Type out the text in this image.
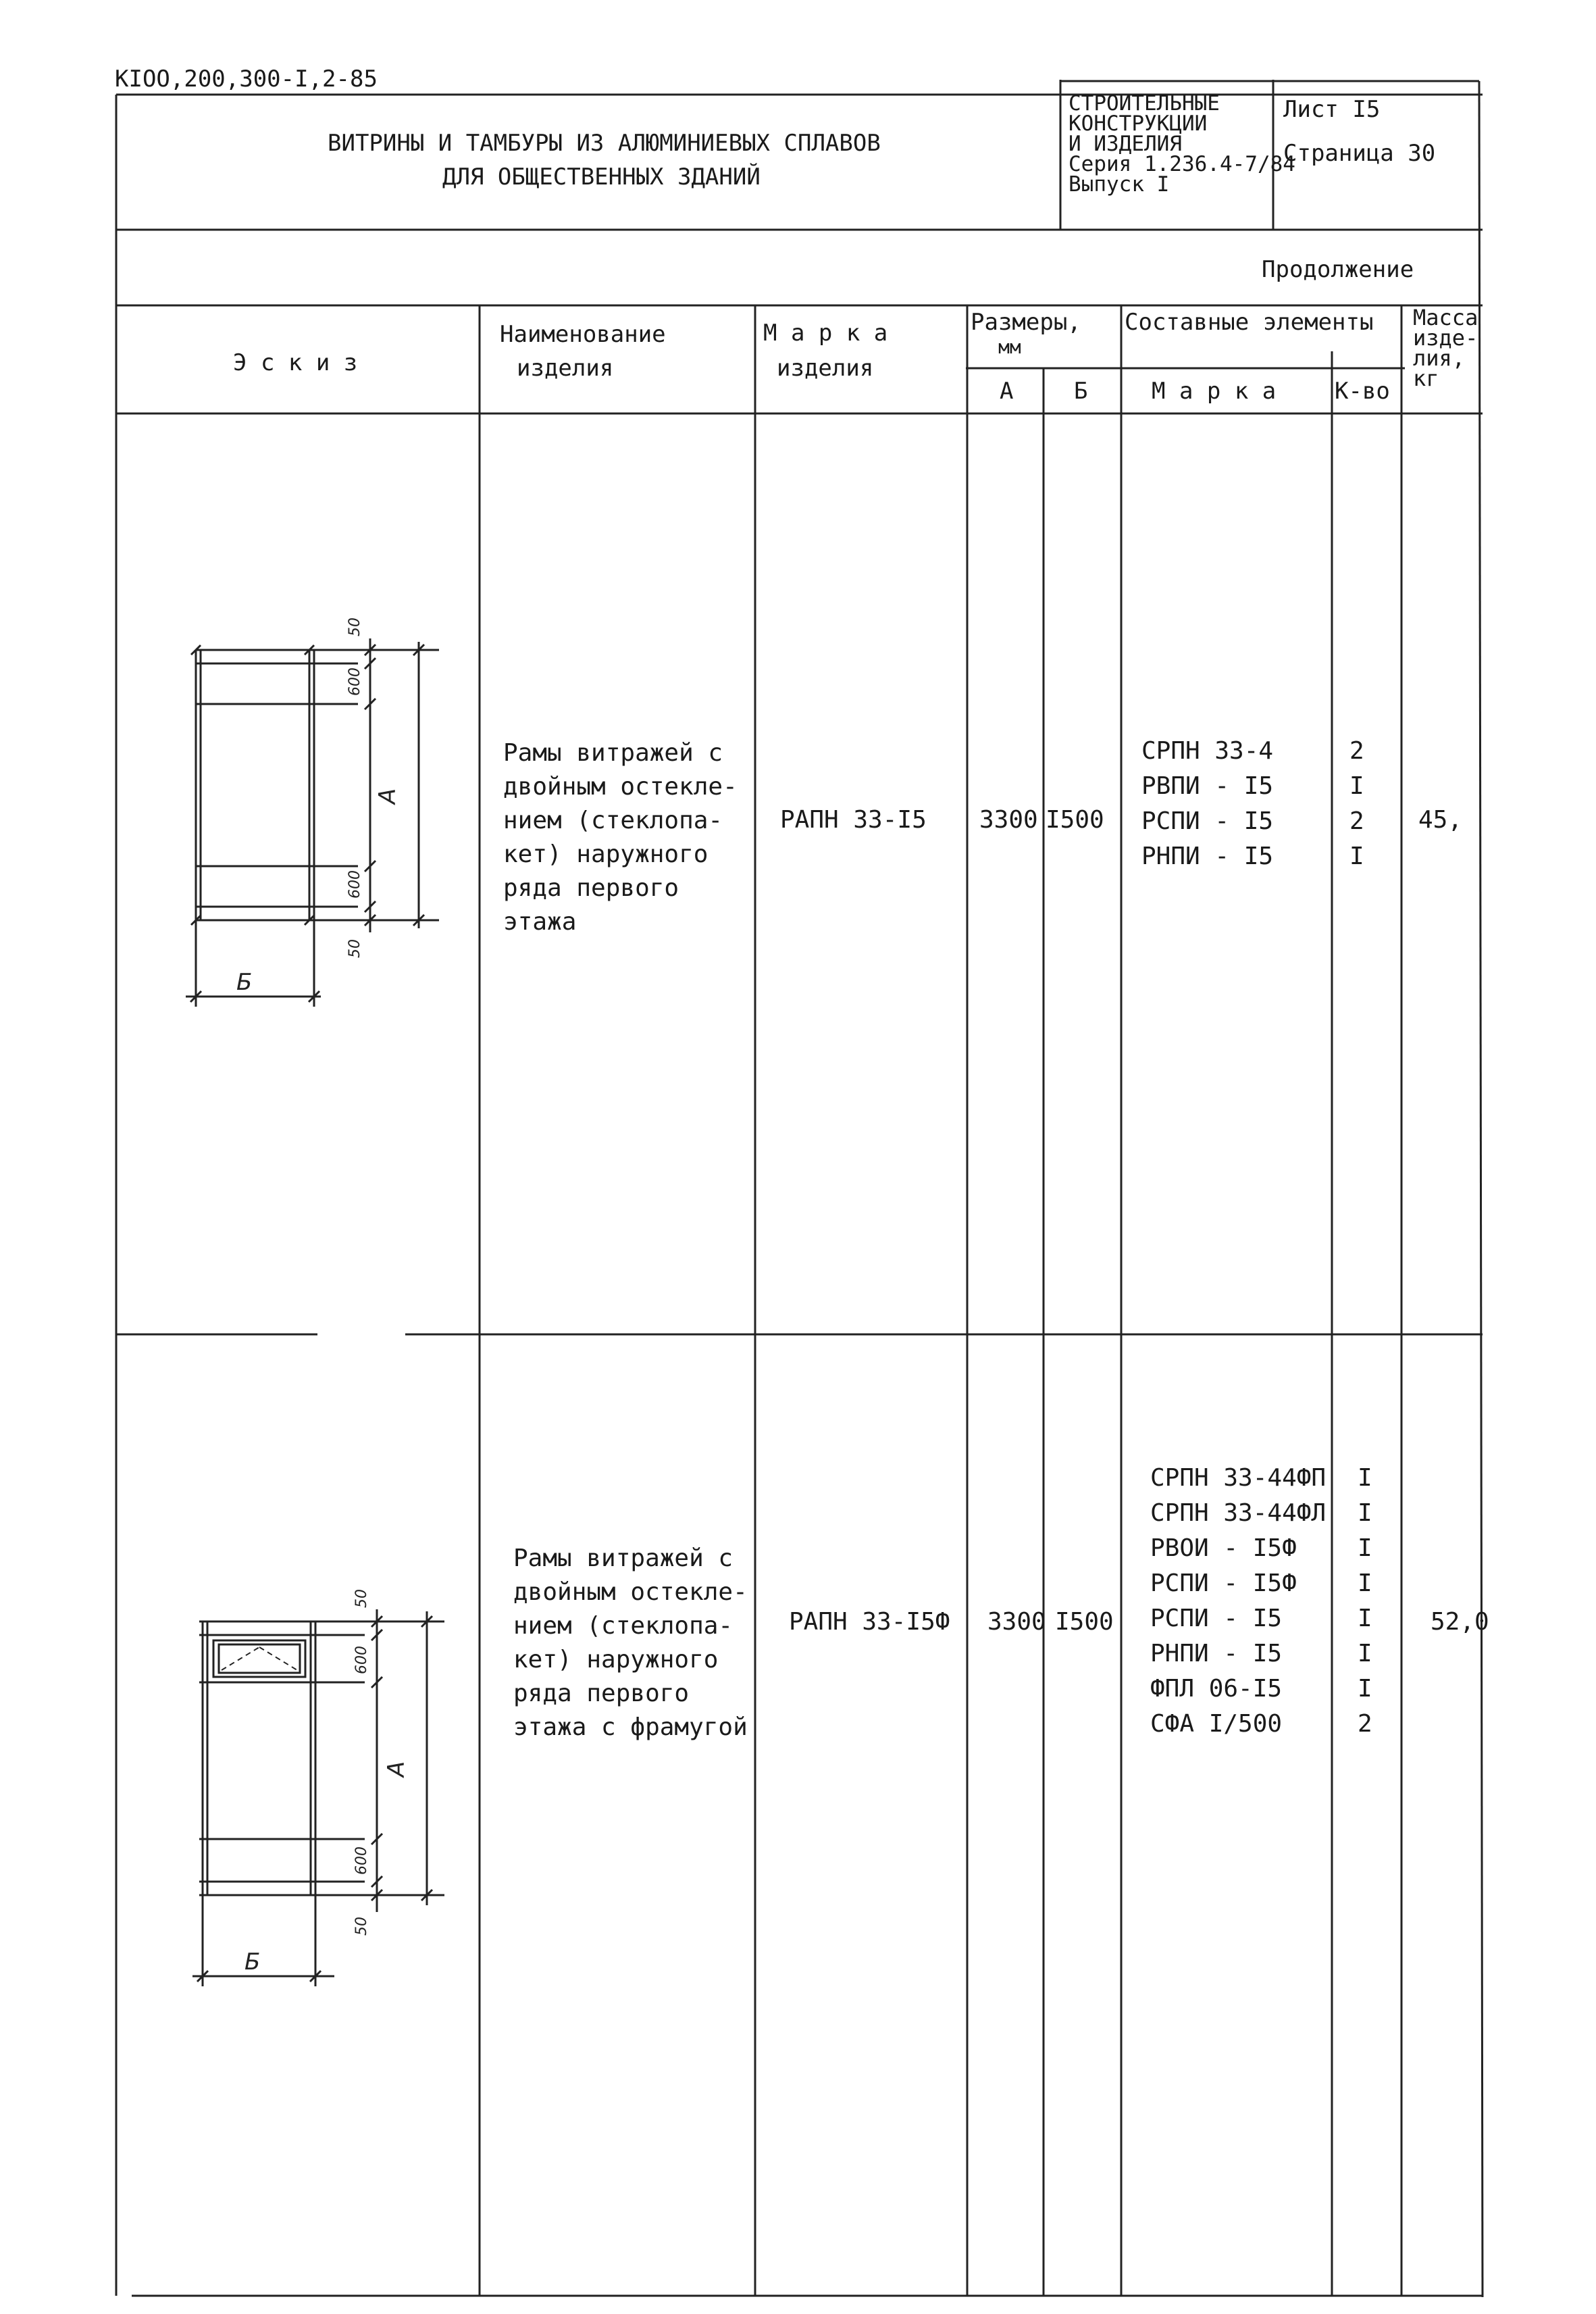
КIOO,200,300-I,2-85
ВИТРИНЫ И ТАМБУРЫ ИЗ АЛЮМИНИЕВЫХ СПЛАВОВ
ДЛЯ ОБЩЕСТВЕННЫХ ЗДАНИЙ
СТРОИТЕЛЬНЫЕ
КОНСТРУКЦИИ
И ИЗДЕЛИЯ
Серия 1.236.4-7/84
Выпуск I
Лист I5
Страница 30
Продолжение
Э с к и з
Наименование
изделия
М а р к а
изделия
Размеры,
мм
А	Б
Составные элементы
М а р к а	К-во
Масса
изде-
лия,
кг
Рамы витражей с
двойным остекле-
нием (стеклопа-
кет) наружного
ряда первого
этажа
РАПН 33-I5 3300 I500
СРПН 33-4
РВПИ - I5
РСПИ - I5
РНПИ - I5
2
I
2
I
45,
50
600
А
600
50
Б
Рамы витражей с
двойным остекле-
нием (стеклопа-
кет) наружного
ряда первого
этажа с фрамугой
РАПН 33-I5Ф 3300 I500
СРПН 33-44ФП
СРПН 33-44ФЛ
РВОИ - I5Ф
РСПИ - I5Ф
РСПИ - I5
РНПИ - I5
ФПЛ 06-I5
СФА I/500
I
I
I
I
I
I
I
2
52,0
50
600
А
600
50
Б
